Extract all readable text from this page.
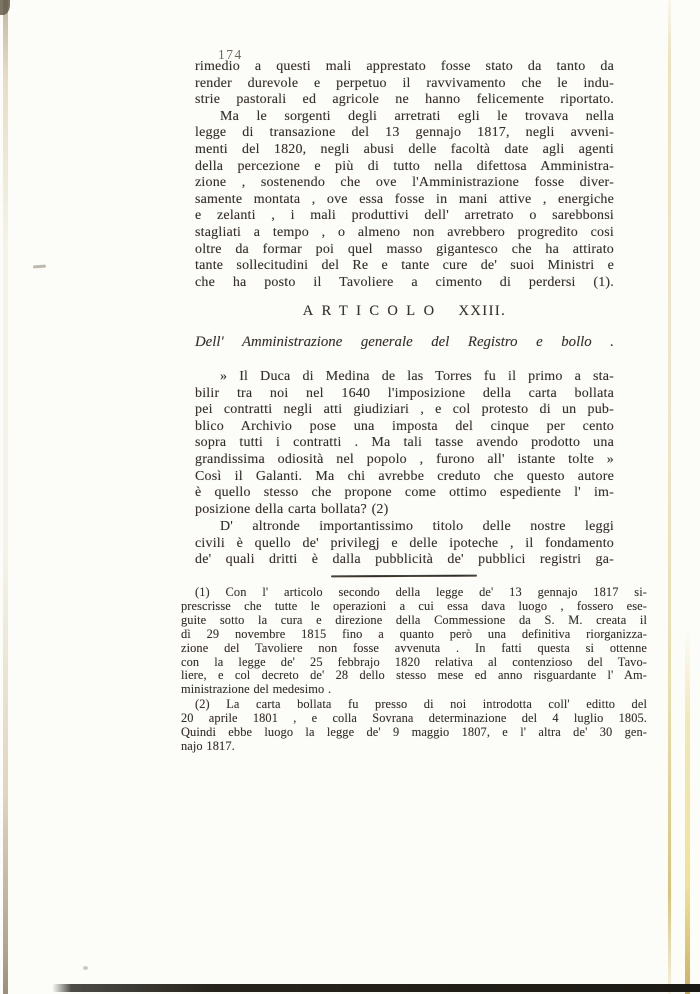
174
rimedio a questi mali apprestato fosse stato da tanto da
render durevole e perpetuo il ravvivamento che le indu-
strie pastorali ed agricole ne hanno felicemente riportato.
Ma le sorgenti degli arretrati egli le trovava nella
legge di transazione del 13 gennajo 1817, negli avveni-
menti del 1820, negli abusi delle facoltà date agli agenti
della percezione e più di tutto nella difettosa Amministra-
zione , sostenendo che ove l'Amministrazione fosse diver-
samente montata , ove essa fosse in mani attive , energiche
e zelanti , i mali produttivi dell' arretrato o sarebbonsi
stagliati a tempo , o almeno non avrebbero progredito cosi
oltre da formar poi quel masso gigantesco che ha attirato
tante sollecitudini del Re e tante cure de' suoi Ministri e
che ha posto il Tavoliere a cimento di perdersi (1).
ARTICOLO XXIII.
Dell' Amministrazione generale del Registro e bollo .
» Il Duca di Medina de las Torres fu il primo a sta-
bilir tra noi nel 1640 l'imposizione della carta bollata
pei contratti negli atti giudiziari , e col protesto di un pub-
blico Archivio pose una imposta del cinque per cento
sopra tutti i contratti . Ma tali tasse avendo prodotto una
grandissima odiosità nel popolo , furono all' istante tolte »
Così il Galanti. Ma chi avrebbe creduto che questo autore
è quello stesso che propone come ottimo espediente l' im-
posizione della carta bollata? (2)
D' altronde importantissimo titolo delle nostre leggi
civili è quello de' privilegj e delle ipoteche , il fondamento
de' quali dritti è dalla pubblicità de' pubblici registri ga-
(1) Con l' articolo secondo della legge de' 13 gennajo 1817 si-
prescrisse che tutte le operazioni a cui essa dava luogo , fossero ese-
guite sotto la cura e direzione della Commessione da S. M. creata il
dì 29 novembre 1815 fino a quanto però una definitiva riorganizza-
zione del Tavoliere non fosse avvenuta . In fatti questa si ottenne
con la legge de' 25 febbrajo 1820 relativa al contenzioso del Tavo-
liere, e col decreto de' 28 dello stesso mese ed anno risguardante l' Am-
ministrazione del medesimo .
(2) La carta bollata fu presso di noi introdotta coll' editto del
20 aprile 1801 , e colla Sovrana determinazione del 4 luglio 1805.
Quindi ebbe luogo la legge de' 9 maggio 1807, e l' altra de' 30 gen-
najo 1817.
